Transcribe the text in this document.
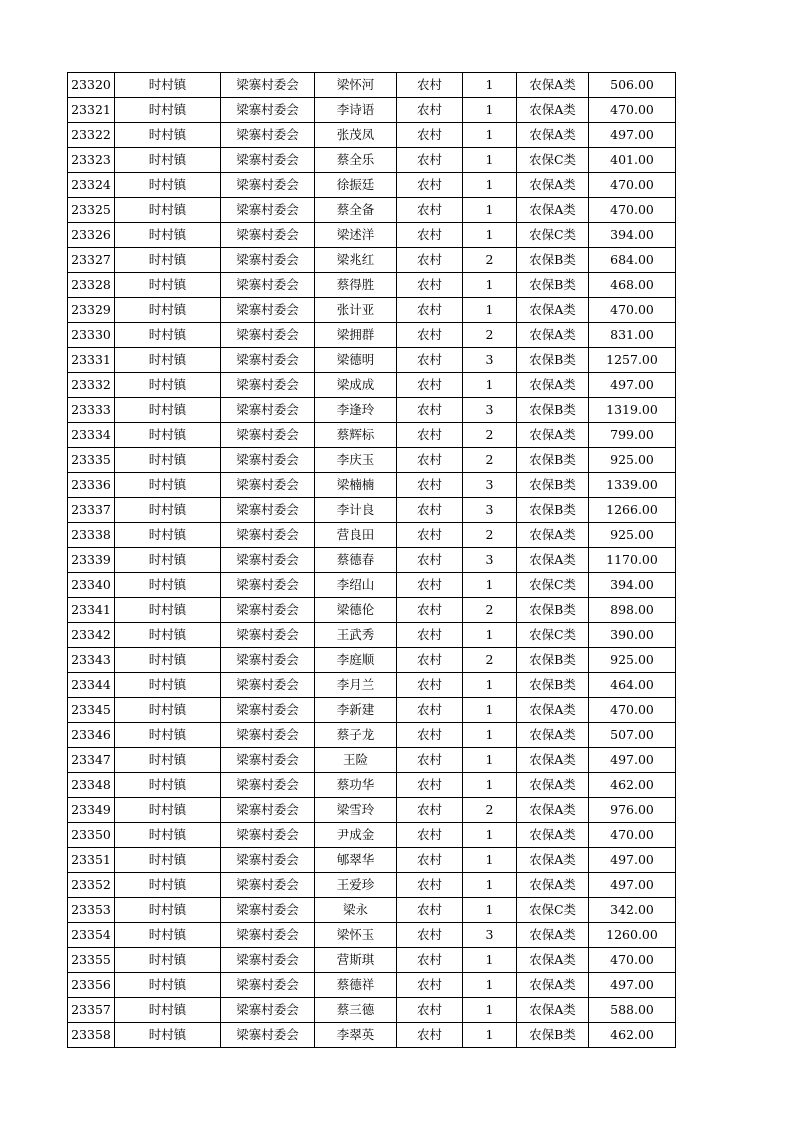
23320	时村镇	梁寨村委会	梁怀河	农村	1	农保A类	506.00
23321	时村镇	梁寨村委会	李诗语	农村	1	农保A类	470.00
23322	时村镇	梁寨村委会	张茂凤	农村	1	农保A类	497.00
23323	时村镇	梁寨村委会	蔡全乐	农村	1	农保C类	401.00
23324	时村镇	梁寨村委会	徐振廷	农村	1	农保A类	470.00
23325	时村镇	梁寨村委会	蔡全备	农村	1	农保A类	470.00
23326	时村镇	梁寨村委会	梁述洋	农村	1	农保C类	394.00
23327	时村镇	梁寨村委会	梁兆红	农村	2	农保B类	684.00
23328	时村镇	梁寨村委会	蔡得胜	农村	1	农保B类	468.00
23329	时村镇	梁寨村委会	张计亚	农村	1	农保A类	470.00
23330	时村镇	梁寨村委会	梁拥群	农村	2	农保A类	831.00
23331	时村镇	梁寨村委会	梁德明	农村	3	农保B类	1257.00
23332	时村镇	梁寨村委会	梁成成	农村	1	农保A类	497.00
23333	时村镇	梁寨村委会	李逢玲	农村	3	农保B类	1319.00
23334	时村镇	梁寨村委会	蔡辉标	农村	2	农保A类	799.00
23335	时村镇	梁寨村委会	李庆玉	农村	2	农保B类	925.00
23336	时村镇	梁寨村委会	梁楠楠	农村	3	农保B类	1339.00
23337	时村镇	梁寨村委会	李计良	农村	3	农保B类	1266.00
23338	时村镇	梁寨村委会	营良田	农村	2	农保A类	925.00
23339	时村镇	梁寨村委会	蔡德春	农村	3	农保A类	1170.00
23340	时村镇	梁寨村委会	李绍山	农村	1	农保C类	394.00
23341	时村镇	梁寨村委会	梁德伦	农村	2	农保B类	898.00
23342	时村镇	梁寨村委会	王武秀	农村	1	农保C类	390.00
23343	时村镇	梁寨村委会	李庭顺	农村	2	农保B类	925.00
23344	时村镇	梁寨村委会	李月兰	农村	1	农保B类	464.00
23345	时村镇	梁寨村委会	李新建	农村	1	农保A类	470.00
23346	时村镇	梁寨村委会	蔡子龙	农村	1	农保A类	507.00
23347	时村镇	梁寨村委会	王险	农村	1	农保A类	497.00
23348	时村镇	梁寨村委会	蔡功华	农村	1	农保A类	462.00
23349	时村镇	梁寨村委会	梁雪玲	农村	2	农保A类	976.00
23350	时村镇	梁寨村委会	尹成金	农村	1	农保A类	470.00
23351	时村镇	梁寨村委会	郇翠华	农村	1	农保A类	497.00
23352	时村镇	梁寨村委会	王爱珍	农村	1	农保A类	497.00
23353	时村镇	梁寨村委会	梁永	农村	1	农保C类	342.00
23354	时村镇	梁寨村委会	梁怀玉	农村	3	农保A类	1260.00
23355	时村镇	梁寨村委会	营斯琪	农村	1	农保A类	470.00
23356	时村镇	梁寨村委会	蔡德祥	农村	1	农保A类	497.00
23357	时村镇	梁寨村委会	蔡三德	农村	1	农保A类	588.00
23358	时村镇	梁寨村委会	李翠英	农村	1	农保B类	462.00
